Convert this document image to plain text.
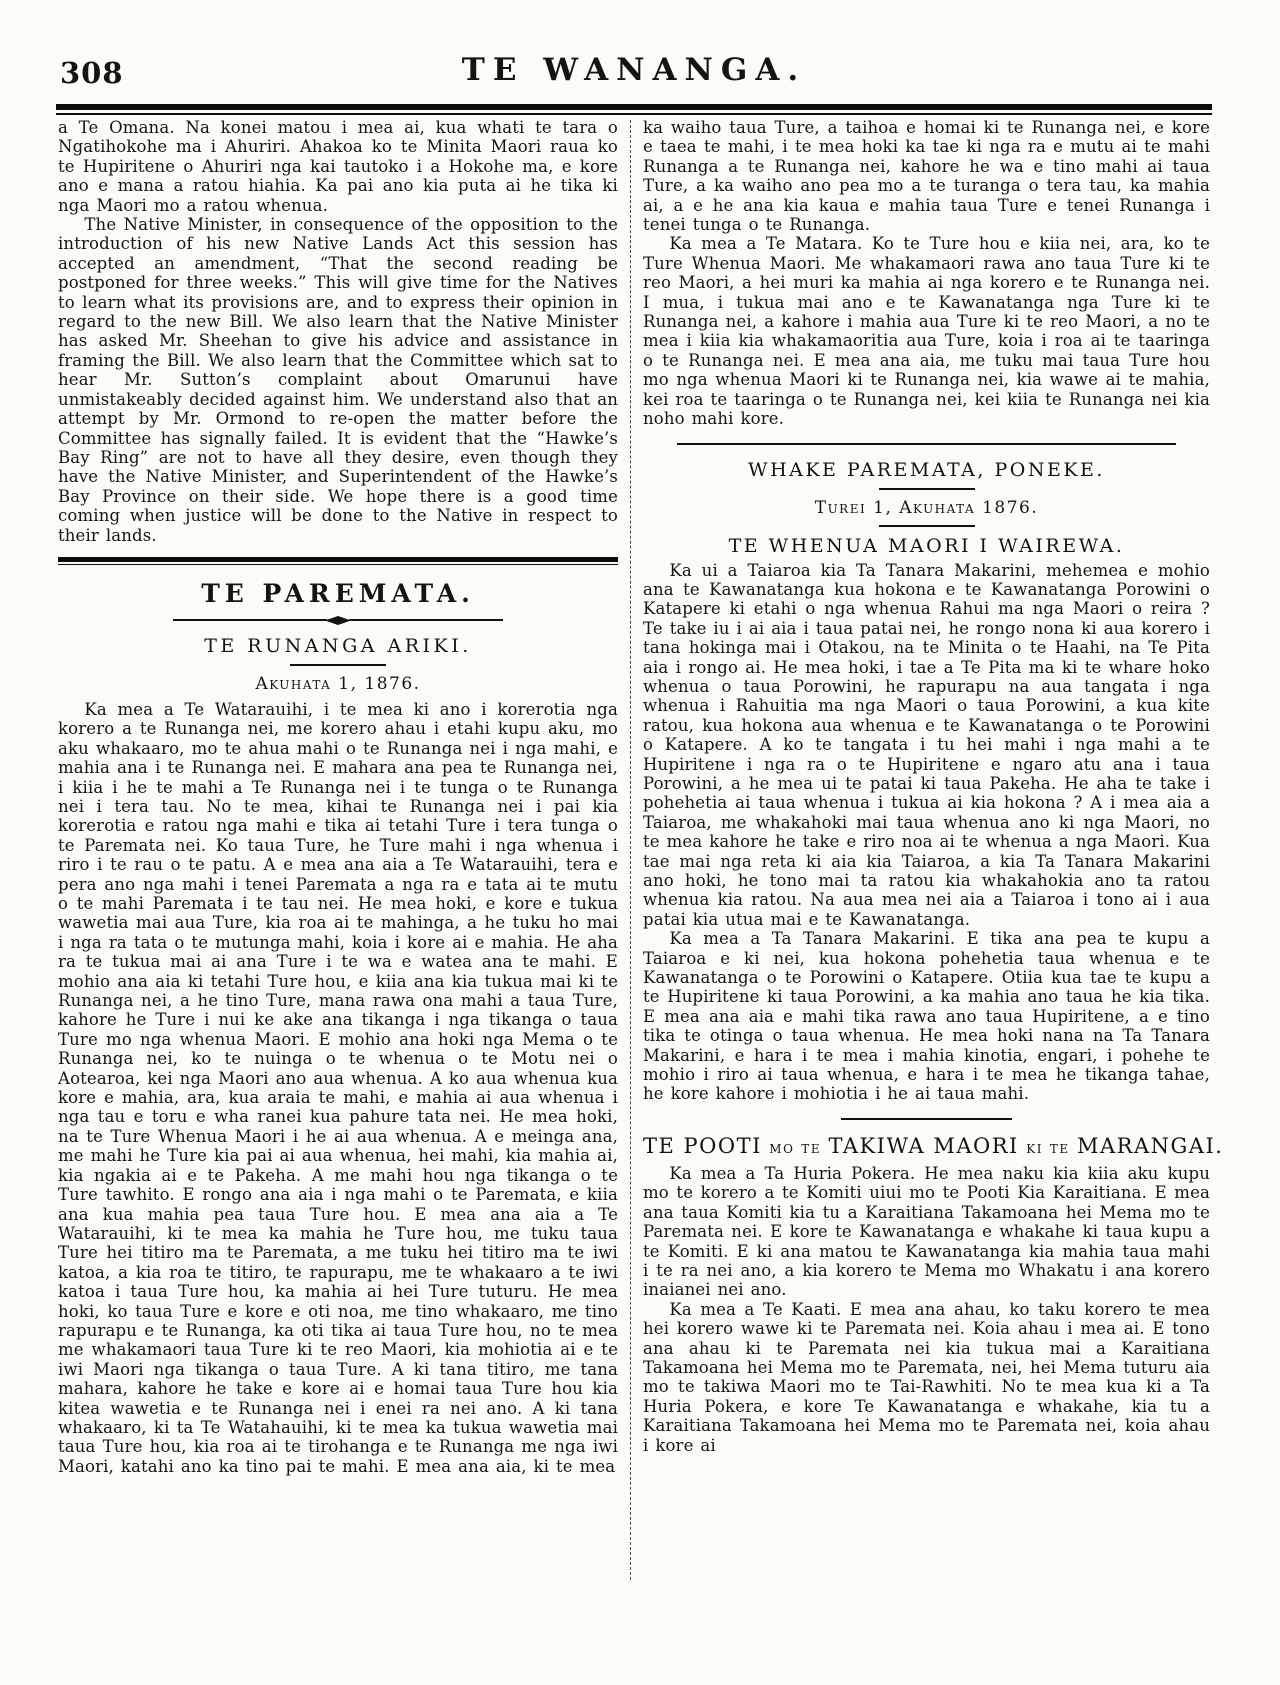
308	TE WANANGA.

a Te Omana. Na konei matou i mea ai, kua whati te tara o Ngatihokohe ma i Ahuriri. Ahakoa ko te Minita Maori raua ko te Hupiritene o Ahuriri nga kai tautoko i a Hokohe ma, e kore ano e mana a ratou hiahia. Ka pai ano kia puta ai he tika ki nga Maori mo a ratou whenua.

The Native Minister, in consequence of the opposition to the introduction of his new Native Lands Act this session has accepted an amendment, “That the second reading be postponed for three weeks.” This will give time for the Natives to learn what its provisions are, and to express their opinion in regard to the new Bill. We also learn that the Native Minister has asked Mr. Sheehan to give his advice and assistance in framing the Bill. We also learn that the Committee which sat to hear Mr. Sutton’s complaint about Omarunui have unmistakeably decided against him. We understand also that an attempt by Mr. Ormond to re-open the matter before the Committee has signally failed. It is evident that the “Hawke’s Bay Ring” are not to have all they desire, even though they have the Native Minister, and Superintendent of the Hawke’s Bay Province on their side. We hope there is a good time coming when justice will be done to the Native in respect to their lands.

TE PAREMATA.

TE RUNANGA ARIKI.

Akuhata 1, 1876.

Ka mea a Te Watarauihi, i te mea ki ano i korerotia nga korero a te Runanga nei, me korero ahau i etahi kupu aku, mo aku whakaaro, mo te ahua mahi o te Runanga nei i nga mahi, e mahia ana i te Runanga nei. E mahara ana pea te Runanga nei, i kiia i he te mahi a Te Runanga nei i te tunga o te Runanga nei i tera tau. No te mea, kihai te Runanga nei i pai kia korerotia e ratou nga mahi e tika ai tetahi Ture i tera tunga o te Paremata nei. Ko taua Ture, he Ture mahi i nga whenua i riro i te rau o te patu. A e mea ana aia a Te Watarauihi, tera e pera ano nga mahi i tenei Paremata a nga ra e tata ai te mutu o te mahi Paremata i te tau nei. He mea hoki, e kore e tukua wawetia mai aua Ture, kia roa ai te mahinga, a he tuku ho mai i nga ra tata o te mutunga mahi, koia i kore ai e mahia. He aha ra te tukua mai ai ana Ture i te wa e watea ana te mahi. E mohio ana aia ki tetahi Ture hou, e kiia ana kia tukua mai ki te Runanga nei, a he tino Ture, mana rawa ona mahi a taua Ture, kahore he Ture i nui ke ake ana tikanga i nga tikanga o taua Ture mo nga whenua Maori. E mohio ana hoki nga Mema o te Runanga nei, ko te nuinga o te whenua o te Motu nei o Aotearoa, kei nga Maori ano aua whenua. A ko aua whenua kua kore e mahia, ara, kua araia te mahi, e mahia ai aua whenua i nga tau e toru e wha ranei kua pahure tata nei. He mea hoki, na te Ture Whenua Maori i he ai aua whenua. A e meinga ana, me mahi he Ture kia pai ai aua whenua, hei mahi, kia mahia ai, kia ngakia ai e te Pakeha. A me mahi hou nga tikanga o te Ture tawhito. E rongo ana aia i nga mahi o te Paremata, e kiia ana kua mahia pea taua Ture hou. E mea ana aia a Te Watarauihi, ki te mea ka mahia he Ture hou, me tuku taua Ture hei titiro ma te Paremata, a me tuku hei titiro ma te iwi katoa, a kia roa te titiro, te rapurapu, me te whakaaro a te iwi katoa i taua Ture hou, ka mahia ai hei Ture tuturu. He mea hoki, ko taua Ture e kore e oti noa, me tino whakaaro, me tino rapurapu e te Runanga, ka oti tika ai taua Ture hou, no te mea me whakamaori taua Ture ki te reo Maori, kia mohiotia ai e te iwi Maori nga tikanga o taua Ture. A ki tana titiro, me tana mahara, kahore he take e kore ai e homai taua Ture hou kia kitea wawetia e te Runanga nei i enei ra nei ano. A ki tana whakaaro, ki ta Te Watahauihi, ki te mea ka tukua wawetia mai taua Ture hou, kia roa ai te tirohanga e te Runanga me nga iwi Maori, katahi ano ka tino pai te mahi. E mea ana aia, ki te mea

ka waiho taua Ture, a taihoa e homai ki te Runanga nei, e kore e taea te mahi, i te mea hoki ka tae ki nga ra e mutu ai te mahi Runanga a te Runanga nei, kahore he wa e tino mahi ai taua Ture, a ka waiho ano pea mo a te turanga o tera tau, ka mahia ai, a e he ana kia kaua e mahia taua Ture e tenei Runanga i tenei tunga o te Runanga.

Ka mea a Te Matara. Ko te Ture hou e kiia nei, ara, ko te Ture Whenua Maori. Me whakamaori rawa ano taua Ture ki te reo Maori, a hei muri ka mahia ai nga korero e te Runanga nei. I mua, i tukua mai ano e te Kawanatanga nga Ture ki te Runanga nei, a kahore i mahia aua Ture ki te reo Maori, a no te mea i kiia kia whakamaoritia aua Ture, koia i roa ai te taaringa o te Runanga nei. E mea ana aia, me tuku mai taua Ture hou mo nga whenua Maori ki te Runanga nei, kia wawe ai te mahia, kei roa te taaringa o te Runanga nei, kei kiia te Runanga nei kia noho mahi kore.

WHAKE PAREMATA, PONEKE.

Turei 1, Akuhata 1876.

TE WHENUA MAORI I WAIREWA.

Ka ui a Taiaroa kia Ta Tanara Makarini, mehemea e mohio ana te Kawanatanga kua hokona e te Kawanatanga Porowini o Katapere ki etahi o nga whenua Rahui ma nga Maori o reira ? Te take iu i ai aia i taua patai nei, he rongo nona ki aua korero i tana hokinga mai i Otakou, na te Minita o te Haahi, na Te Pita aia i rongo ai. He mea hoki, i tae a Te Pita ma ki te whare hoko whenua o taua Porowini, he rapurapu na aua tangata i nga whenua i Rahuitia ma nga Maori o taua Porowini, a kua kite ratou, kua hokona aua whenua e te Kawanatanga o te Porowini o Katapere. A ko te tangata i tu hei mahi i nga mahi a te Hupiritene i nga ra o te Hupiritene e ngaro atu ana i taua Porowini, a he mea ui te patai ki taua Pakeha. He aha te take i pohehetia ai taua whenua i tukua ai kia hokona ? A i mea aia a Taiaroa, me whakahoki mai taua whenua ano ki nga Maori, no te mea kahore he take e riro noa ai te whenua a nga Maori. Kua tae mai nga reta ki aia kia Taiaroa, a kia Ta Tanara Makarini ano hoki, he tono mai ta ratou kia whakahokia ano ta ratou whenua kia ratou. Na aua mea nei aia a Taiaroa i tono ai i aua patai kia utua mai e te Kawanatanga.

Ka mea a Ta Tanara Makarini. E tika ana pea te kupu a Taiaroa e ki nei, kua hokona pohehetia taua whenua e te Kawanatanga o te Porowini o Katapere. Otiia kua tae te kupu a te Hupiritene ki taua Porowini, a ka mahia ano taua he kia tika. E mea ana aia e mahi tika rawa ano taua Hupiritene, a e tino tika te otinga o taua whenua. He mea hoki nana na Ta Tanara Makarini, e hara i te mea i mahia kinotia, engari, i pohehe te mohio i riro ai taua whenua, e hara i te mea he tikanga tahae, he kore kahore i mohiotia i he ai taua mahi.

TE POOTI mo te TAKIWA MAORI ki te MARANGAI.

Ka mea a Ta Huria Pokera. He mea naku kia kiia aku kupu mo te korero a te Komiti uiui mo te Pooti Kia Karaitiana. E mea ana taua Komiti kia tu a Karaitiana Takamoana hei Mema mo te Paremata nei. E kore te Kawanatanga e whakahe ki taua kupu a te Komiti. E ki ana matou te Kawanatanga kia mahia taua mahi i te ra nei ano, a kia korero te Mema mo Whakatu i ana korero inaianei nei ano.

Ka mea a Te Kaati. E mea ana ahau, ko taku korero te mea hei korero wawe ki te Paremata nei. Koia ahau i mea ai. E tono ana ahau ki te Paremata nei kia tukua mai a Karaitiana Takamoana hei Mema mo te Paremata, nei, hei Mema tuturu aia mo te takiwa Maori mo te Tai-Rawhiti. No te mea kua ki a Ta Huria Pokera, e kore Te Kawanatanga e whakahe, kia tu a Karaitiana Takamoana hei Mema mo te Paremata nei, koia ahau i kore ai
